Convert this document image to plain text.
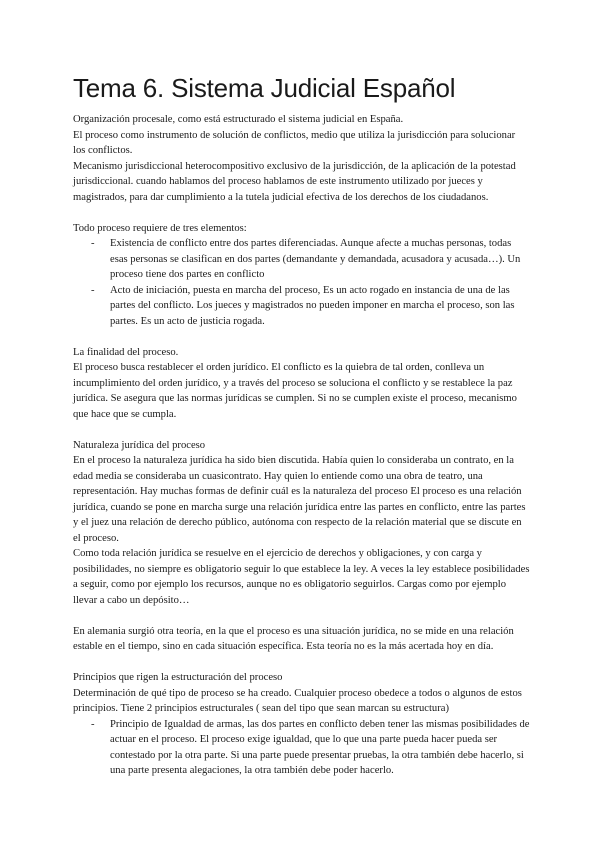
Tema 6. Sistema Judicial Español

Organización procesale, como está estructurado el sistema judicial en España.

El proceso como instrumento de solución de conflictos, medio que utiliza la jurisdicción para solucionar los conflictos.

Mecanismo jurisdiccional heterocompositivo exclusivo de la jurisdicción, de la aplicación de la potestad jurisdiccional. cuando hablamos del proceso hablamos de este instrumento utilizado por jueces y magistrados, para dar cumplimiento a la tutela judicial efectiva de los derechos de los ciudadanos.

Todo proceso requiere de tres elementos:

- Existencia de conflicto entre dos partes diferenciadas. Aunque afecte a muchas personas, todas esas personas se clasifican en dos partes (demandante y demandada, acusadora y acusada…). Un proceso tiene dos partes en conflicto
- Acto de iniciación, puesta en marcha del proceso, Es un acto rogado en instancia de una de las partes del conflicto. Los jueces y magistrados no pueden imponer en marcha el proceso, son las partes. Es un acto de justicia rogada.

La finalidad del proceso.

El proceso busca restablecer el orden jurídico. El conflicto es la quiebra de tal orden, conlleva un incumplimiento del orden jurídico, y a través del proceso se soluciona el conflicto y se restablece la paz jurídica. Se asegura que las normas jurídicas se cumplen. Si no se cumplen existe el proceso, mecanismo que hace que se cumpla.

Naturaleza jurídica del proceso

En el proceso la naturaleza jurídica ha sido bien discutida. Había quien lo consideraba un contrato, en la edad media se consideraba un cuasicontrato. Hay quien lo entiende como una obra de teatro, una representación. Hay muchas formas de definir cuál es la naturaleza del proceso El proceso es una relación jurídica, cuando se pone en marcha surge una relación jurídica entre las partes en conflicto, entre las partes y el juez una relación de derecho público, autónoma con respecto de la relación material que se discute en el proceso.

Como toda relación jurídica se resuelve en el ejercicio de derechos y obligaciones, y con carga y posibilidades, no siempre es obligatorio seguir lo que establece la ley. A veces la ley establece posibilidades a seguir, como por ejemplo los recursos, aunque no es obligatorio seguirlos. Cargas como por ejemplo llevar a cabo un depósito…

En alemania surgió otra teoría, en la que el proceso es una situación jurídica, no se mide en una relación estable en el tiempo, sino en cada situación específica. Esta teoría no es la más acertada hoy en día.

Principios que rigen la estructuración del proceso

Determinación de qué tipo de proceso se ha creado. Cualquier proceso obedece a todos o algunos de estos principios. Tiene 2 principios estructurales ( sean del tipo que sean marcan su estructura)

- Principio de Igualdad de armas, las dos partes en conflicto deben tener las mismas posibilidades de actuar en el proceso. El proceso exige igualdad, que lo que una parte pueda hacer pueda ser contestado por la otra parte. Si una parte puede presentar pruebas, la otra también debe hacerlo, si una parte presenta alegaciones, la otra también debe poder hacerlo.
